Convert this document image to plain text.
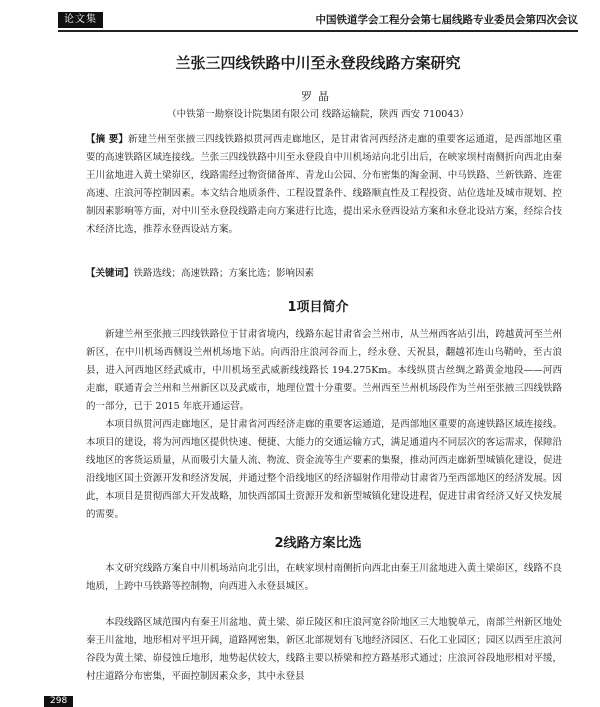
论文集	中国铁道学会工程分会第七届线路专业委员会第四次会议
兰张三四线铁路中川至永登段线路方案研究
罗晶
（中铁第一勘察设计院集团有限公司 线路运输院，陕西 西安 710043）

【摘 要】新建兰州至张掖三四线铁路拟贯河西走廊地区，是甘肃省河西经济走廊的重要客运通道，是西部地区重要的高速铁路区域连接线。兰张三四线铁路中川至永登段自中川机场站向北引出后，在峡家坝村南侧折向西北由秦王川盆地进入黄土梁峁区，线路需经过物资储备库、青龙山公园、分布密集的淘金洞、中马铁路、兰新铁路、连霍高速、庄浪河等控制因素。本文结合地质条件、工程设置条件、线路顺直性及工程投资、站位选址及城市规划、控制因素影响等方面，对中川至永登段线路走向方案进行比选，提出采永登西设站方案和永登北设站方案，经综合技术经济比选，推荐永登西设站方案。

【关键词】铁路选线；高速铁路；方案比选；影响因素

1项目简介

新建兰州至张掖三四线铁路位于甘肃省境内，线路东起甘肃省会兰州市，从兰州西客站引出，跨越黄河至兰州新区，在中川机场西侧设兰州机场地下站。向西沿庄浪河谷而上，经永登、天祝县，翻越祁连山乌鞘岭，至古浪县，进入河西地区经武威市，中川机场至武威新线线路长 194.275Km。本线纵贯古丝绸之路黄金地段——河西走廊，联通青会兰州和兰州新区以及武威市，地理位置十分重要。兰州西至兰州机场段作为兰州至张掖三四线铁路的一部分，已于 2015 年底开通运营。

本项目纵贯河西走廊地区，是甘肃省河西经济走廊的重要客运通道，是西部地区重要的高速铁路区域连接线。本项目的建设，将为河西地区提供快速、便捷、大能力的交通运输方式，满足通道内不同层次的客运需求，保障沿线地区的客货运质量，从而吸引大量人流、物流、资金流等生产要素的集聚，推动河西走廊新型城镇化建设，促进沿线地区国土资源开发和经济发展，并通过整个沿线地区的经济辐射作用带动甘肃省乃至西部地区的经济发展。因此，本项目是贯彻西部大开发战略，加快西部国土资源开发和新型城镇化建设进程，促进甘肃省经济又好又快发展的需要。

2线路方案比选

本文研究线路方案自中川机场站向北引出，在峡家坝村南侧折向西北由秦王川盆地进入黄土梁峁区，线路不良地质，上跨中马铁路等控制物，向西进入永登县城区。

本段线路区域范围内有秦王川盆地、黄土梁、峁丘陵区和庄浪河宽谷阶地区三大地貌单元，南部兰州新区地处秦王川盆地，地形相对平坦开阔，道路网密集，新区北部规划有飞地经济园区、石化工业园区；园区以西至庄浪河谷段为黄土梁、峁侵蚀丘地形，地势起伏较大，线路主要以桥梁和控方路基形式通过；庄浪河谷段地形相对平缓，村庄道路分布密集，平面控制因素众多，其中永登县

298
